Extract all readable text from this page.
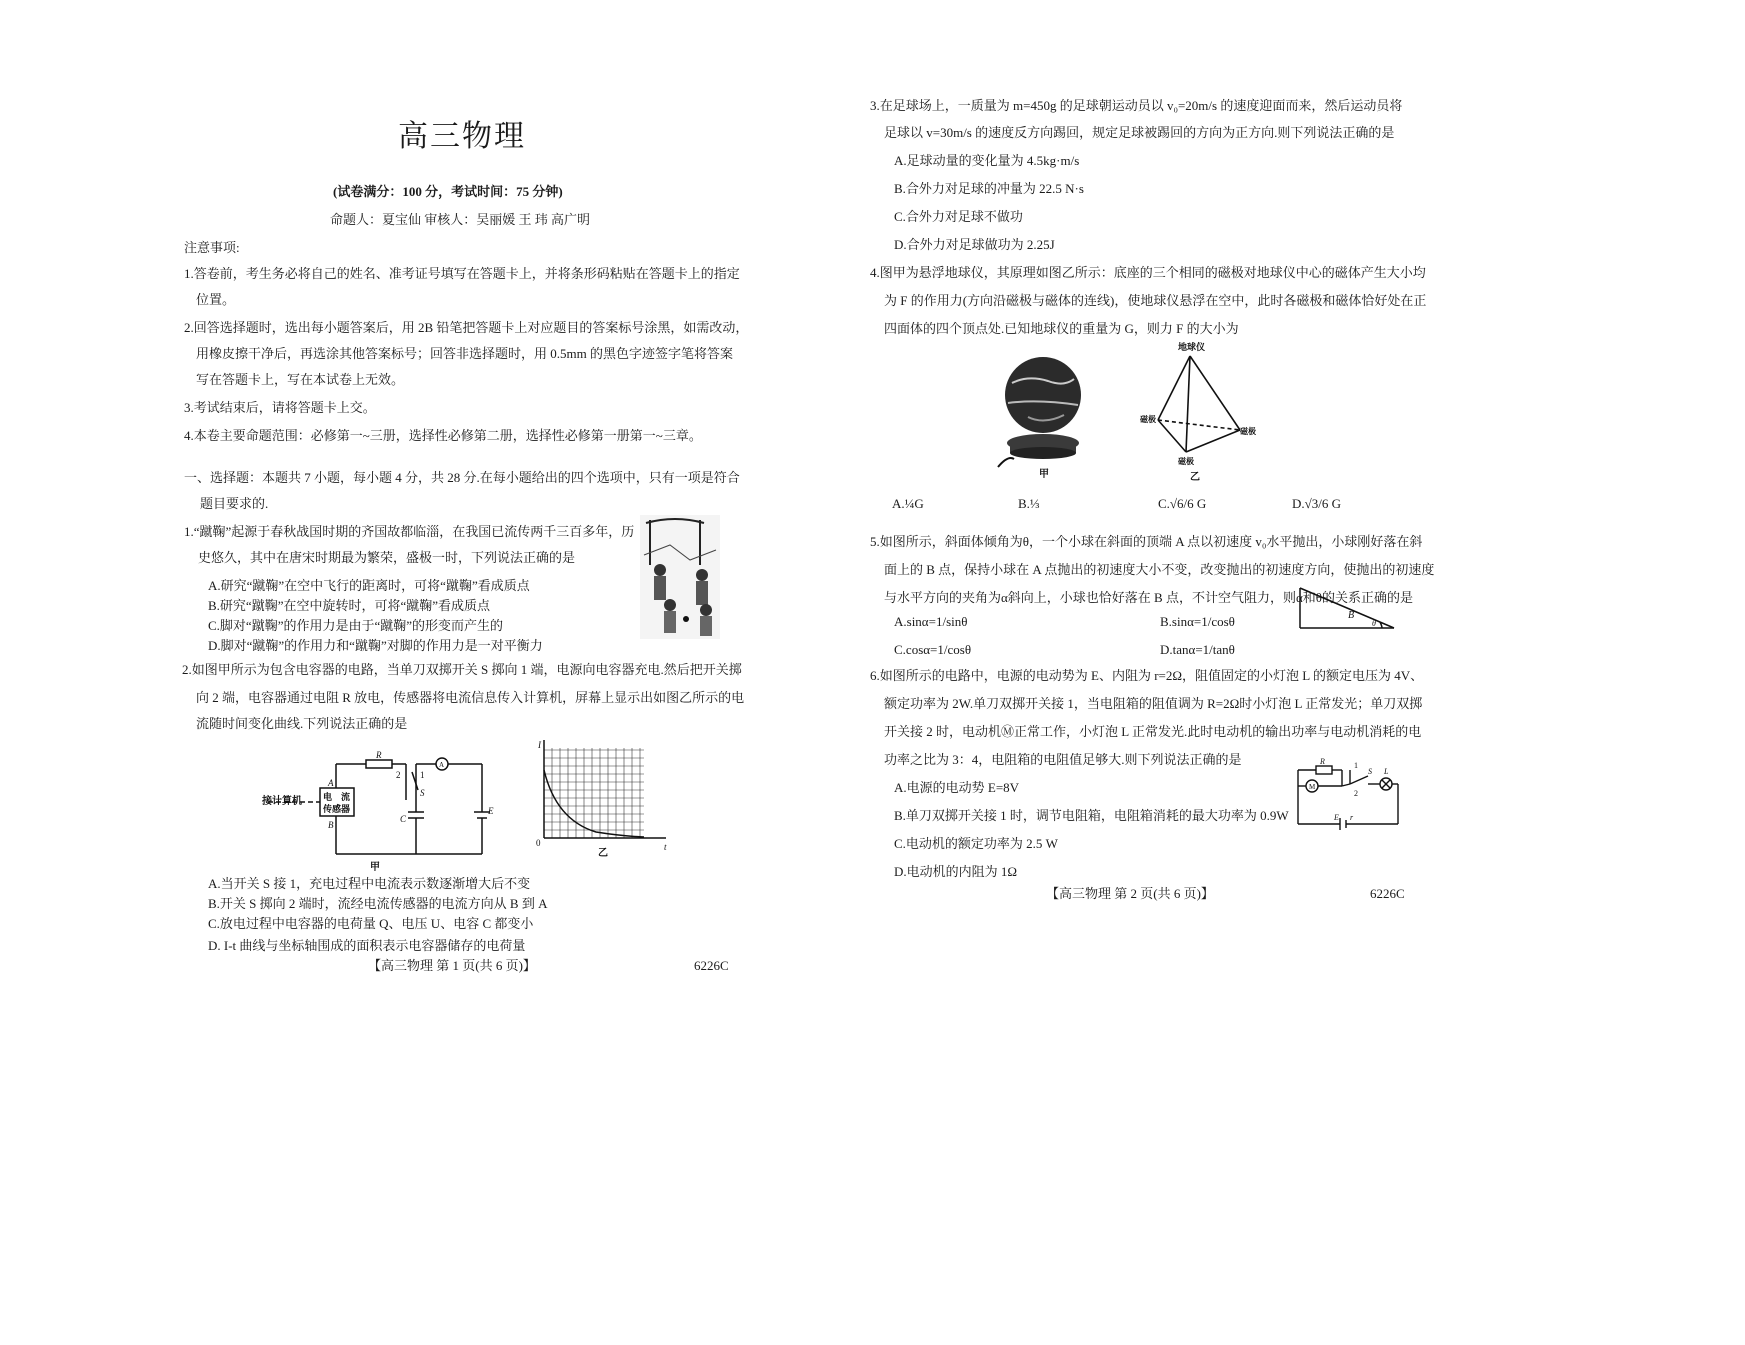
高三物理
(试卷满分：100 分，考试时间：75 分钟)
命题人：夏宝仙 审核人：吴丽媛 王 玮 高广明
注意事项:
1.答卷前，考生务必将自己的姓名、准考证号填写在答题卡上，并将条形码粘贴在答题卡上的指定
位置。
2.回答选择题时，选出每小题答案后，用 2B 铅笔把答题卡上对应题目的答案标号涂黑，如需改动，
用橡皮擦干净后，再选涂其他答案标号；回答非选择题时，用 0.5mm 的黑色字迹签字笔将答案
写在答题卡上，写在本试卷上无效。
3.考试结束后，请将答题卡上交。
4.本卷主要命题范围：必修第一~三册，选择性必修第二册，选择性必修第一册第一~三章。
一、选择题：本题共 7 小题，每小题 4 分，共 28 分.在每小题给出的四个选项中，只有一项是符合
题目要求的.
1.“蹴鞠”起源于春秋战国时期的齐国故都临淄，在我国已流传两千三百多年，历
史悠久，其中在唐宋时期最为繁荣，盛极一时，下列说法正确的是
A.研究“蹴鞠”在空中飞行的距离时，可将“蹴鞠”看成质点
B.研究“蹴鞠”在空中旋转时，可将“蹴鞠”看成质点
C.脚对“蹴鞠”的作用力是由于“蹴鞠”的形变而产生的
D.脚对“蹴鞠”的作用力和“蹴鞠”对脚的作用力是一对平衡力
2.如图甲所示为包含电容器的电路，当单刀双掷开关 S 掷向 1 端，电源向电容器充电.然后把开关掷
向 2 端，电容器通过电阻 R 放电，传感器将电流信息传入计算机，屏幕上显示出如图乙所示的电
流随时间变化曲线.下列说法正确的是
接计算机 电　流
传感器
A
B
R
2 1
S
C
E
A
甲
I
t
0
乙
A.当开关 S 接 1，充电过程中电流表示数逐渐增大后不变
B.开关 S 掷向 2 端时，流经电流传感器的电流方向从 B 到 A
C.放电过程中电容器的电荷量 Q、电压 U、电容 C 都变小
D. I-t 曲线与坐标轴围成的面积表示电容器储存的电荷量
【高三物理 第 1 页(共 6 页)】	6226C
3.在足球场上，一质量为 m=450g 的足球朝运动员以 v₀=20m/s 的速度迎面而来，然后运动员将
足球以 v=30m/s 的速度反方向踢回，规定足球被踢回的方向为正方向.则下列说法正确的是
A.足球动量的变化量为 4.5kg·m/s
B.合外力对足球的冲量为 22.5 N·s
C.合外力对足球不做功
D.合外力对足球做功为 2.25J
4.图甲为悬浮地球仪，其原理如图乙所示：底座的三个相同的磁极对地球仪中心的磁体产生大小均
为 F 的作用力(方向沿磁极与磁体的连线)，使地球仪悬浮在空中，此时各磁极和磁体恰好处在正
四面体的四个顶点处.已知地球仪的重量为 G，则力 F 的大小为
甲
地球仪
磁极
磁极
磁极
乙
A.¼G	B.⅓	C.√6/6 G	D.√3/6 G
5.如图所示，斜面体倾角为θ，一个小球在斜面的顶端 A 点以初速度 v₀水平抛出，小球刚好落在斜
面上的 B 点，保持小球在 A 点抛出的初速度大小不变，改变抛出的初速度方向，使抛出的初速度
与水平方向的夹角为α斜向上，小球也恰好落在 B 点，不计空气阻力，则α和θ的关系正确的是
A.sinα=1/sinθ	B.sinα=1/cosθ
C.cosα=1/cosθ	D.tanα=1/tanθ
B
θ
6.如图所示的电路中，电源的电动势为 E、内阻为 r=2Ω，阻值固定的小灯泡 L 的额定电压为 4V、
额定功率为 2W.单刀双掷开关接 1，当电阻箱的阻值调为 R=2Ω时小灯泡 L 正常发光；单刀双掷
开关接 2 时，电动机Ⓜ正常工作，小灯泡 L 正常发光.此时电动机的输出功率与电动机消耗的电
功率之比为 3：4，电阻箱的电阻值足够大.则下列说法正确的是
A.电源的电动势 E=8V
B.单刀双掷开关接 1 时，调节电阻箱，电阻箱消耗的最大功率为 0.9W
C.电动机的额定功率为 2.5 W
D.电动机的内阻为 1Ω
R	1
2
S L
M
E r
【高三物理 第 2 页(共 6 页)】	6226C
